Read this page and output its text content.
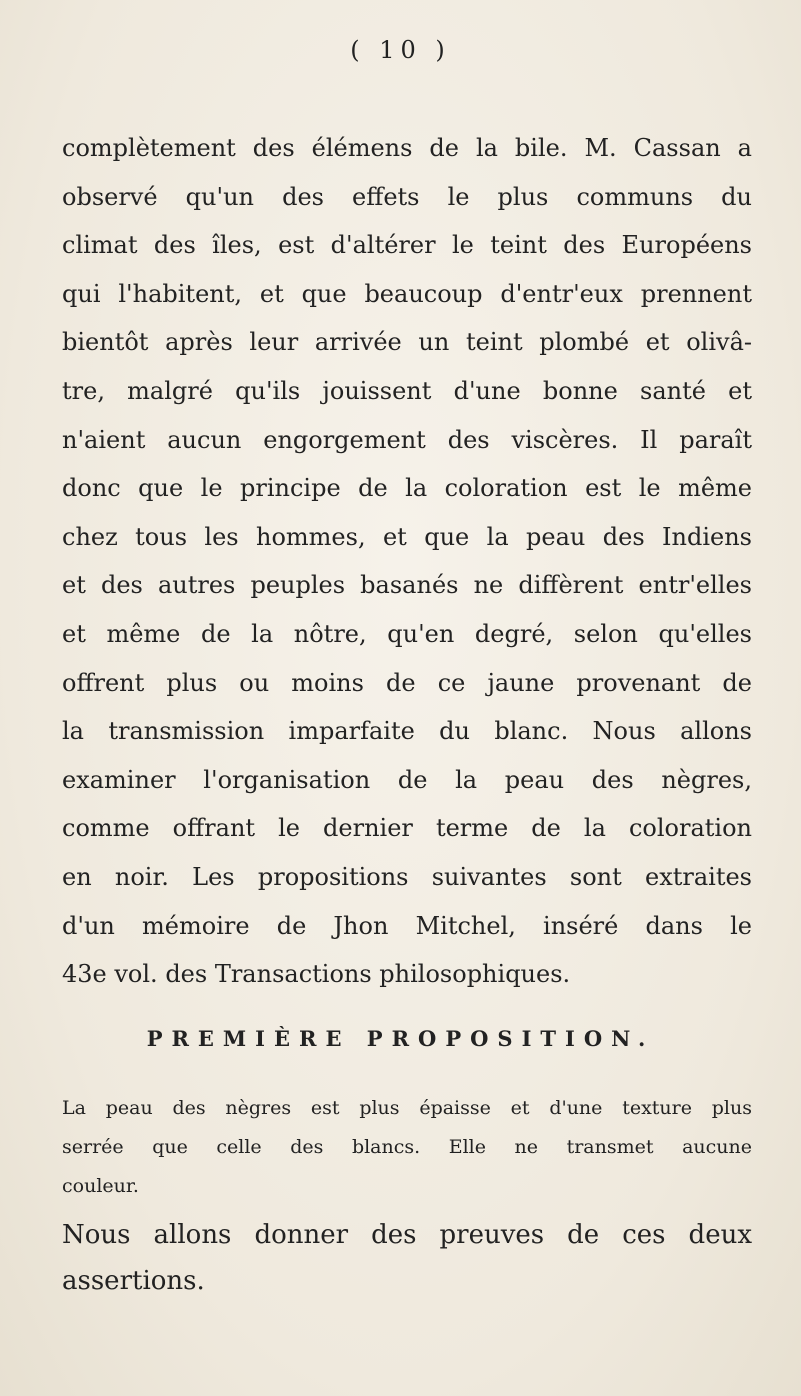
( 10 )
complètement des élémens de la bile. M. Cassan a
observé qu'un des effets le plus communs du
climat des îles, est d'altérer le teint des Européens
qui l'habitent, et que beaucoup d'entr'eux prennent
bientôt après leur arrivée un teint plombé et olivâ-
tre, malgré qu'ils jouissent d'une bonne santé et
n'aient aucun engorgement des viscères. Il paraît
donc que le principe de la coloration est le même
chez tous les hommes, et que la peau des Indiens
et des autres peuples basanés ne diffèrent entr'elles
et même de la nôtre, qu'en degré, selon qu'elles
offrent plus ou moins de ce jaune provenant de
la transmission imparfaite du blanc. Nous allons
examiner l'organisation de la peau des nègres,
comme offrant le dernier terme de la coloration
en noir. Les propositions suivantes sont extraites
d'un mémoire de Jhon Mitchel, inséré dans le
43e vol. des Transactions philosophiques.
PREMIÈRE PROPOSITION.
La peau des nègres est plus épaisse et d'une texture plus
serrée que celle des blancs. Elle ne transmet aucune
couleur.
Nous allons donner des preuves de ces deux
assertions.
